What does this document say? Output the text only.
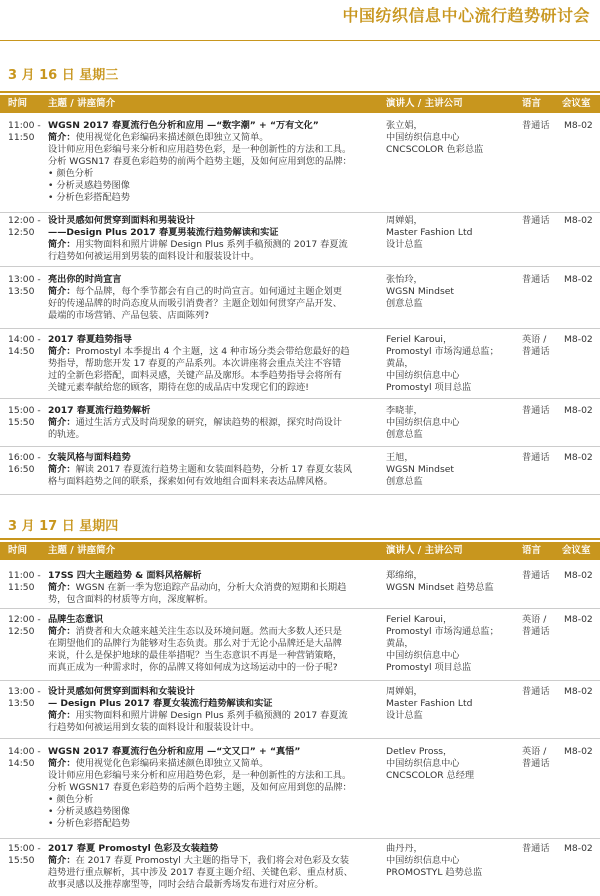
中国纺织信息中心流行趋势研讨会
3 月 16 日 星期三
时间 主题 / 讲座简介	演讲人 / 主讲公司	语言 会议室
11:00 -
11:50
WGSN 2017 春夏流行色分析和应用 —“数字潮” + “万有文化”
简介：使用视觉化色彩编码来描述颜色即独立又简单。
设计师应用色彩编号来分析和应用趋势色彩，是一种创新性的方法和工具。
分析 WGSN17 春夏色彩趋势的前两个趋势主题，及如何应用到您的品牌：
• 颜色分析
• 分析灵感趋势图像
• 分析色彩搭配趋势
张立娟，
中国纺织信息中心
CNCSCOLOR 色彩总监
普通话	M8-02
12:00 -
12:50
设计灵感如何贯穿到面料和男装设计
——Design Plus 2017 春夏男装流行趋势解读和实证
简介：用实物面料和照片讲解 Design Plus 系列手稿预测的 2017 春夏流
行趋势如何被运用到男装的面料设计和服装设计中。
周婵娟，
Master Fashion Ltd
设计总监
普通话	M8-02
13:00 -
13:50
亮出你的时尚宣言
简介：每个品牌，每个季节都会有自己的时尚宣言。如何通过主题企划更
好的传递品牌的时尚态度从而吸引消费者？主题企划如何贯穿产品开发、
最端的市场营销、产品包装、店面陈列?
张怡玲，
WGSN Mindset
创意总监
普通话	M8-02
14:00 -
14:50
2017 春夏趋势指导
简介：Promostyl 本季提出 4 个主题，这 4 种市场分类会带给您最好的趋
势指导，帮助您开发 17 春夏的产品系列。本次讲座将会重点关注不容错
过的全新色彩搭配，面料灵感，关键产品及廓形。本季趋势指导会将所有
关键元素奉献给您的顾客，期待在您的成品店中发现它们的踪迹!
Feriel Karoui，
Promostyl 市场沟通总监；
黄晶，
中国纺织信息中心
Promostyl 项目总监
英语 /
普通话
M8-02
15:00 -
15:50
2017 春夏流行趋势解析
简介：通过生活方式及时尚现象的研究，解读趋势的根源，探究时尚设计
的轨迹。
李晓菲，
中国纺织信息中心
创意总监
普通话	M8-02
16:00 -
16:50
女装风格与面料趋势
简介：解读 2017 春夏流行趋势主题和女装面料趋势，分析 17 春夏女装风
格与面料趋势之间的联系，探索如何有效地组合面料来表达品牌风格。
王旭，
WGSN Mindset
创意总监
普通话	M8-02
3 月 17 日 星期四
时间 主题 / 讲座简介	演讲人 / 主讲公司	语言 会议室
11:00 -
11:50
17SS 四大主题趋势 & 面料风格解析
简介：WGSN 在新一季为您追踪产品动向，分析大众消费的短期和长期趋
势，包含面料的材质等方向，深度解析。
郑绵绵，
WGSN Mindset 趋势总监
普通话	M8-02
12:00 -
12:50
品牌生态意识
简介：消费者和大众越来越关注生态以及环境问题。然而大多数人还只是
在期望他们的品牌行为能够对生态负责。那么对于无论小品牌还是大品牌
来说，什么是保护地球的最佳举措呢？当生态意识不再是一种营销策略，
而真正成为一种需求时，你的品牌又将如何成为这场运动中的一份子呢?
Feriel Karoui，
Promostyl 市场沟通总监；
黄晶，
中国纺织信息中心
Promostyl 项目总监
英语 /
普通话
M8-02
13:00 -
13:50
设计灵感如何贯穿到面料和女装设计
— Design Plus 2017 春夏女装流行趋势解读和实证
简介：用实物面料和照片讲解 Design Plus 系列手稿预测的 2017 春夏流
行趋势如何被运用到女装的面料设计和服装设计中。
周婵娟，
Master Fashion Ltd
设计总监
普通话	M8-02
14:00 -
14:50
WGSN 2017 春夏流行色分析和应用 —“文又口” + “真悟”
简介：使用视觉化色彩编码来描述颜色即独立又简单。
设计师应用色彩编号来分析和应用趋势色彩，是一种创新性的方法和工具。
分析 WGSN17 春夏色彩趋势的后两个趋势主题，及如何应用到您的品牌：
• 颜色分析
• 分析灵感趋势图像
• 分析色彩搭配趋势
Detlev Pross，
中国纺织信息中心
CNCSCOLOR 总经理
英语 /
普通话
M8-02
15:00 -
15:50
2017 春夏 Promostyl 色彩及女装趋势
简介：在 2017 春夏 Promostyl 大主题的指导下，我们将会对色彩及女装
趋势进行重点解析，其中涉及 2017 春夏主题介绍、关键色彩、重点材质、
故事灵感以及推荐廓型等，同时会结合最新秀场发布进行对应分析。
曲丹丹，
中国纺织信息中心
PROMOSTYL 趋势总监
普通话	M8-02
